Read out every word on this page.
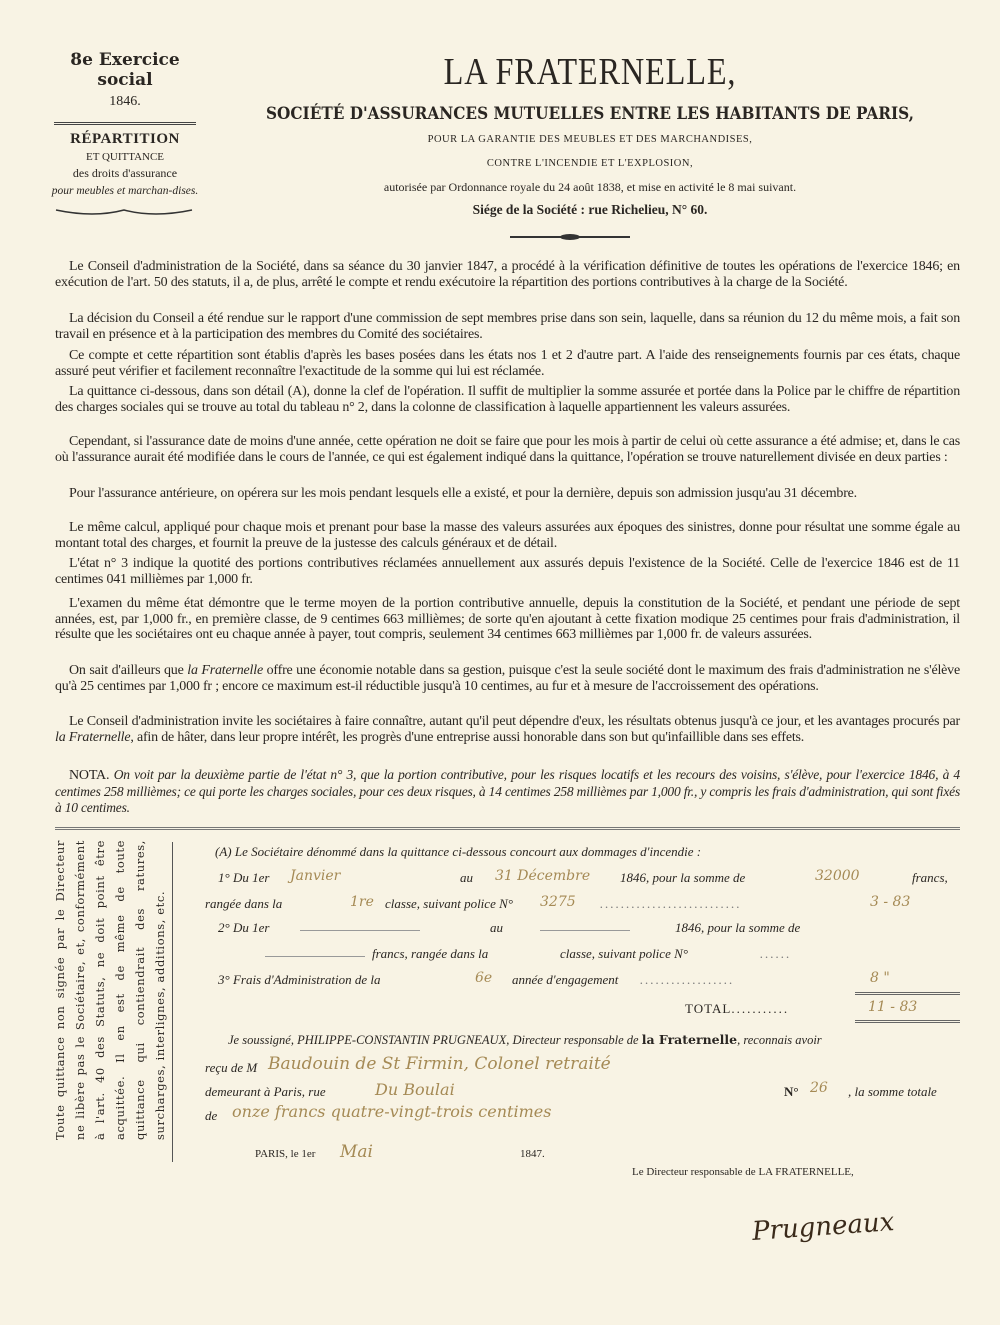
8e Exercice social
1846.
RÉPARTITION
ET QUITTANCE
des droits d'assurance
pour meubles et marchan-dises.
LA FRATERNELLE,
SOCIÉTÉ D'ASSURANCES MUTUELLES ENTRE LES HABITANTS DE PARIS,
POUR LA GARANTIE DES MEUBLES ET DES MARCHANDISES,
CONTRE L'INCENDIE ET L'EXPLOSION,
autorisée par Ordonnance royale du 24 août 1838, et mise en activité le 8 mai suivant.
Siége de la Société : rue Richelieu, N° 60.
Le Conseil d'administration de la Société, dans sa séance du 30 janvier 1847, a procédé à la vérification définitive de toutes les opérations de l'exercice 1846; en exécution de l'art. 50 des statuts, il a, de plus, arrêté le compte et rendu exécutoire la répartition des portions contributives à la charge de la Société.
La décision du Conseil a été rendue sur le rapport d'une commission de sept membres prise dans son sein, laquelle, dans sa réunion du 12 du même mois, a fait son travail en présence et à la participation des membres du Comité des sociétaires.
Ce compte et cette répartition sont établis d'après les bases posées dans les états nos 1 et 2 d'autre part. A l'aide des renseignements fournis par ces états, chaque assuré peut vérifier et facilement reconnaître l'exactitude de la somme qui lui est réclamée.
La quittance ci-dessous, dans son détail (A), donne la clef de l'opération. Il suffit de multiplier la somme assurée et portée dans la Police par le chiffre de répartition des charges sociales qui se trouve au total du tableau n° 2, dans la colonne de classification à laquelle appartiennent les valeurs assurées.
Cependant, si l'assurance date de moins d'une année, cette opération ne doit se faire que pour les mois à partir de celui où cette assurance a été admise; et, dans le cas où l'assurance aurait été modifiée dans le cours de l'année, ce qui est également indiqué dans la quittance, l'opération se trouve naturellement divisée en deux parties :
Pour l'assurance antérieure, on opérera sur les mois pendant lesquels elle a existé, et pour la dernière, depuis son admission jusqu'au 31 décembre.
Le même calcul, appliqué pour chaque mois et prenant pour base la masse des valeurs assurées aux époques des sinistres, donne pour résultat une somme égale au montant total des charges, et fournit la preuve de la justesse des calculs généraux et de détail.
L'état n° 3 indique la quotité des portions contributives réclamées annuellement aux assurés depuis l'existence de la Société. Celle de l'exercice 1846 est de 11 centimes 041 millièmes par 1,000 fr.
L'examen du même état démontre que le terme moyen de la portion contributive annuelle, depuis la constitution de la Société, et pendant une période de sept années, est, par 1,000 fr., en première classe, de 9 centimes 663 millièmes; de sorte qu'en ajoutant à cette fixation modique 25 centimes pour frais d'administration, il résulte que les sociétaires ont eu chaque année à payer, tout compris, seulement 34 centimes 663 millièmes par 1,000 fr. de valeurs assurées.
On sait d'ailleurs que la Fraternelle offre une économie notable dans sa gestion, puisque c'est la seule société dont le maximum des frais d'administration ne s'élève qu'à 25 centimes par 1,000 fr ; encore ce maximum est-il réductible jusqu'à 10 centimes, au fur et à mesure de l'accroissement des opérations.
Le Conseil d'administration invite les sociétaires à faire connaître, autant qu'il peut dépendre d'eux, les résultats obtenus jusqu'à ce jour, et les avantages procurés par la Fraternelle, afin de hâter, dans leur propre intérêt, les progrès d'une entreprise aussi honorable dans son but qu'infaillible dans ses effets.
NOTA. On voit par la deuxième partie de l'état n° 3, que la portion contributive, pour les risques locatifs et les recours des voisins, s'élève, pour l'exercice 1846, à 4 centimes 258 millièmes; ce qui porte les charges sociales, pour ces deux risques, à 14 centimes 258 millièmes par 1,000 fr., y compris les frais d'administration, qui sont fixés à 10 centimes.
Toute quittance non signée par le Directeur ne libère pas le Sociétaire, et, conformément à l'art. 40 des Statuts, ne doit point être acquittée. Il en est de même de toute quittance qui contiendrait des ratures, surcharges, interlignes, additions, etc.
(A) Le Sociétaire dénommé dans la quittance ci-dessous concourt aux dommages d'incendie :
1° Du 1er Janvier	au 31 Décembre 1846, pour la somme de	32000	francs,
rangée dans la	1re classe, suivant police N° 3275 ...........................	3 - 83
2° Du 1er	au	1846, pour la somme de
francs, rangée dans la	classe, suivant police N°	......
3° Frais d'Administration de la	6e année d'engagement ..................	8 "
TOTAL...........	11 - 83
Je soussigné, PHILIPPE-CONSTANTIN PRUGNEAUX, Directeur responsable de la Fraternelle, reconnais avoir
reçu de M Baudouin de St Firmin, Colonel retraité
demeurant à Paris, rue	Du Boulai	N° 26 , la somme totale
de onze francs quatre-vingt-trois centimes
PARIS, le 1er Mai	1847.
Le Directeur responsable de LA FRATERNELLE,
Prugneaux
